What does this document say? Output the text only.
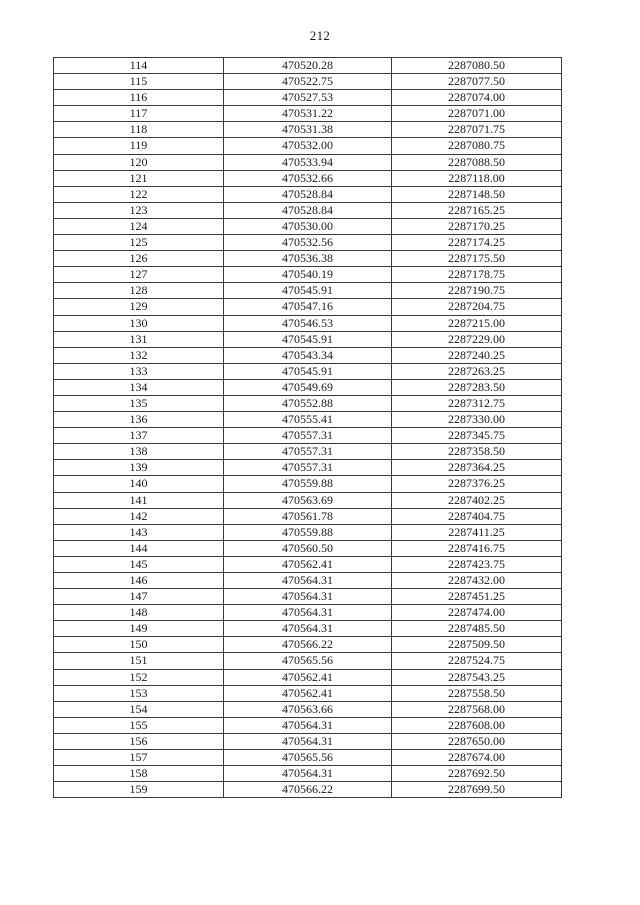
212
114	470520.28	2287080.50
115	470522.75	2287077.50
116	470527.53	2287074.00
117	470531.22	2287071.00
118	470531.38	2287071.75
119	470532.00	2287080.75
120	470533.94	2287088.50
121	470532.66	2287118.00
122	470528.84	2287148.50
123	470528.84	2287165.25
124	470530.00	2287170.25
125	470532.56	2287174.25
126	470536.38	2287175.50
127	470540.19	2287178.75
128	470545.91	2287190.75
129	470547.16	2287204.75
130	470546.53	2287215.00
131	470545.91	2287229.00
132	470543.34	2287240.25
133	470545.91	2287263.25
134	470549.69	2287283.50
135	470552.88	2287312.75
136	470555.41	2287330.00
137	470557.31	2287345.75
138	470557.31	2287358.50
139	470557.31	2287364.25
140	470559.88	2287376.25
141	470563.69	2287402.25
142	470561.78	2287404.75
143	470559.88	2287411.25
144	470560.50	2287416.75
145	470562.41	2287423.75
146	470564.31	2287432.00
147	470564.31	2287451.25
148	470564.31	2287474.00
149	470564.31	2287485.50
150	470566.22	2287509.50
151	470565.56	2287524.75
152	470562.41	2287543.25
153	470562.41	2287558.50
154	470563.66	2287568.00
155	470564.31	2287608.00
156	470564.31	2287650.00
157	470565.56	2287674.00
158	470564.31	2287692.50
159	470566.22	2287699.50
